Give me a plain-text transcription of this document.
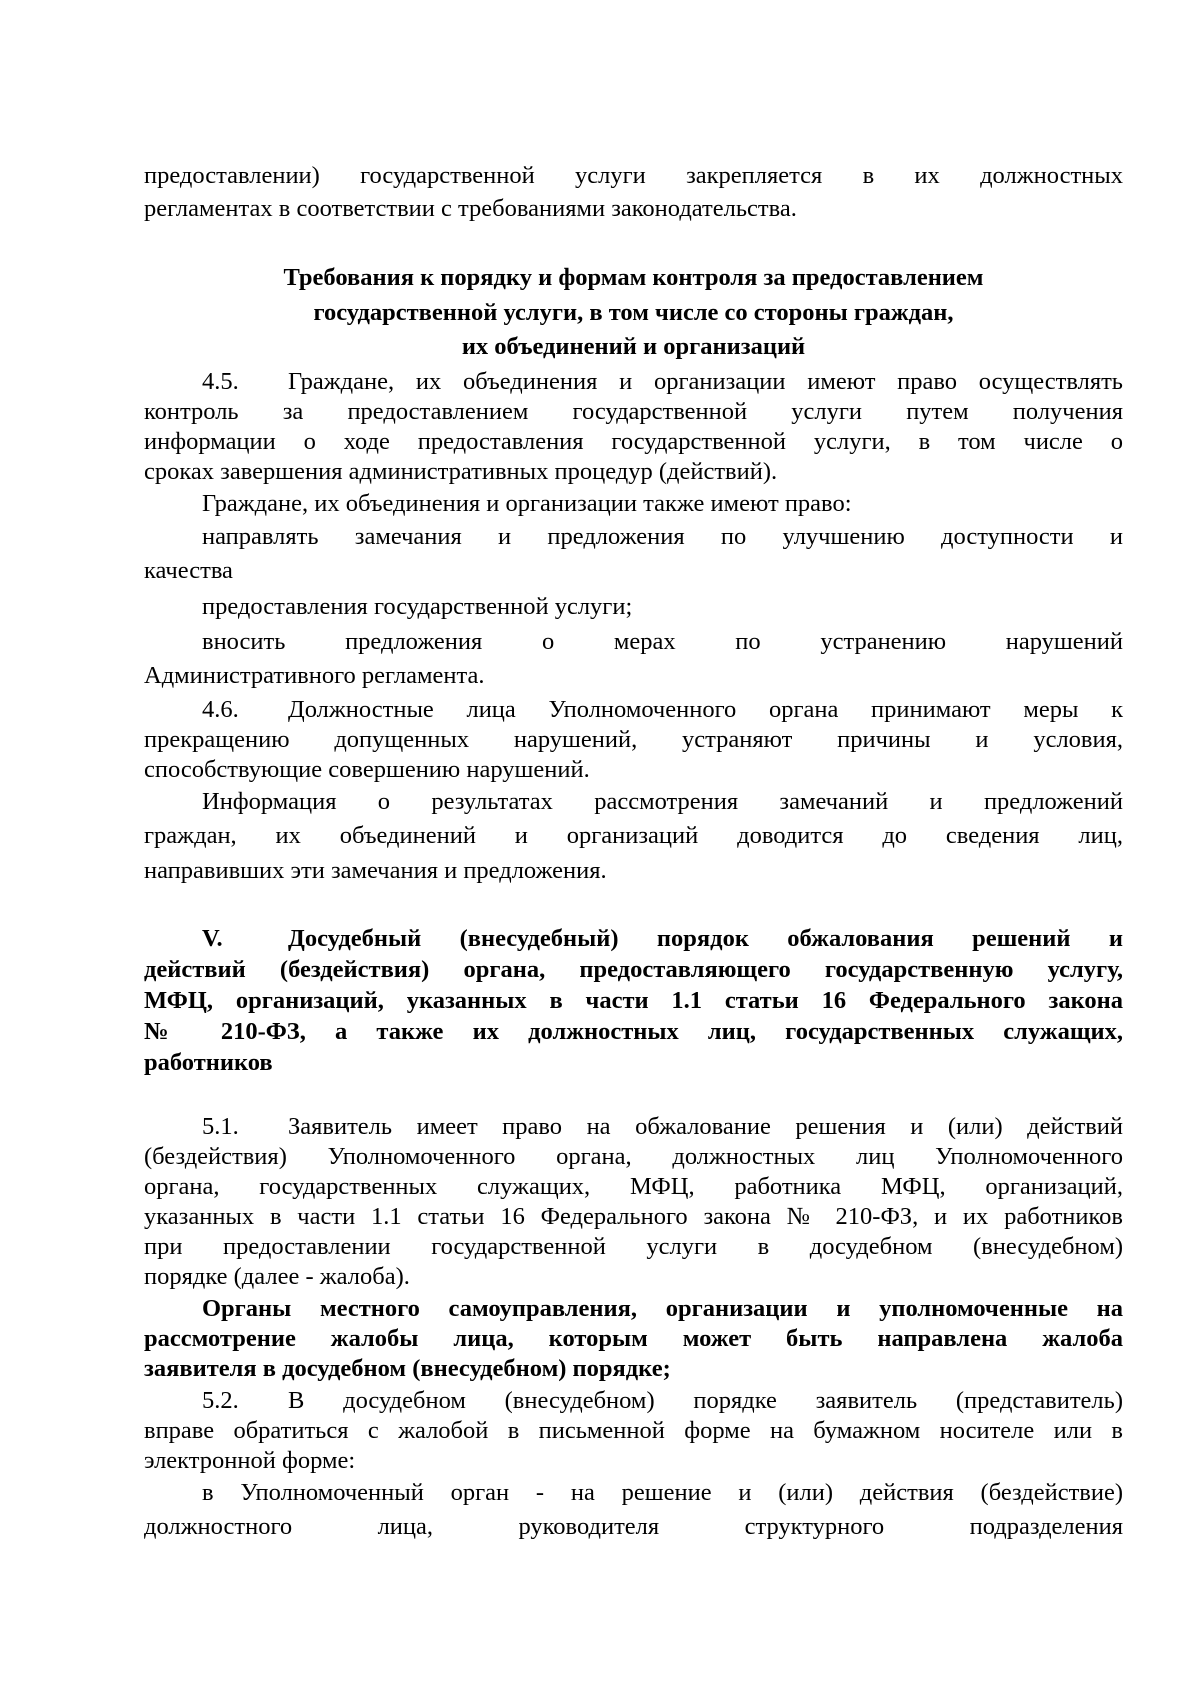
предоставлении) государственной услуги закрепляется в их должностных
регламентах в соответствии с требованиями законодательства.
Требования к порядку и формам контроля за предоставлением
государственной услуги, в том числе со стороны граждан,
их объединений и организаций
4.5. Граждане, их объединения и организации имеют право осуществлять
контроль за предоставлением государственной услуги путем получения
информации о ходе предоставления государственной услуги, в том числе о
сроках завершения административных процедур (действий).
Граждане, их объединения и организации также имеют право:
направлять замечания и предложения по улучшению доступности и
качества
предоставления государственной услуги;
вносить предложения о мерах по устранению нарушений
Административного регламента.
4.6. Должностные лица Уполномоченного органа принимают меры к
прекращению допущенных нарушений, устраняют причины и условия,
способствующие совершению нарушений.
Информация о результатах рассмотрения замечаний и предложений
граждан, их объединений и организаций доводится до сведения лиц,
направивших эти замечания и предложения.
V.	Досудебный (внесудебный) порядок обжалования решений и
действий (бездействия) органа, предоставляющего государственную услугу,
МФЦ, организаций, указанных в части 1.1 статьи 16 Федерального закона
№ 210-ФЗ, а также их должностных лиц, государственных служащих,
работников
5.1. Заявитель имеет право на обжалование решения и (или) действий
(бездействия) Уполномоченного органа, должностных лиц Уполномоченного
органа, государственных служащих, МФЦ, работника МФЦ, организаций,
указанных в части 1.1 статьи 16 Федерального закона № 210-ФЗ, и их работников
при предоставлении государственной услуги в досудебном (внесудебном)
порядке (далее - жалоба).
Органы местного самоуправления, организации и уполномоченные на
рассмотрение жалобы лица, которым может быть направлена жалоба
заявителя в досудебном (внесудебном) порядке;
5.2. В досудебном (внесудебном) порядке заявитель (представитель)
вправе обратиться с жалобой в письменной форме на бумажном носителе или в
электронной форме:
в Уполномоченный орган - на решение и (или) действия (бездействие)
должностного лица, руководителя структурного подразделения
